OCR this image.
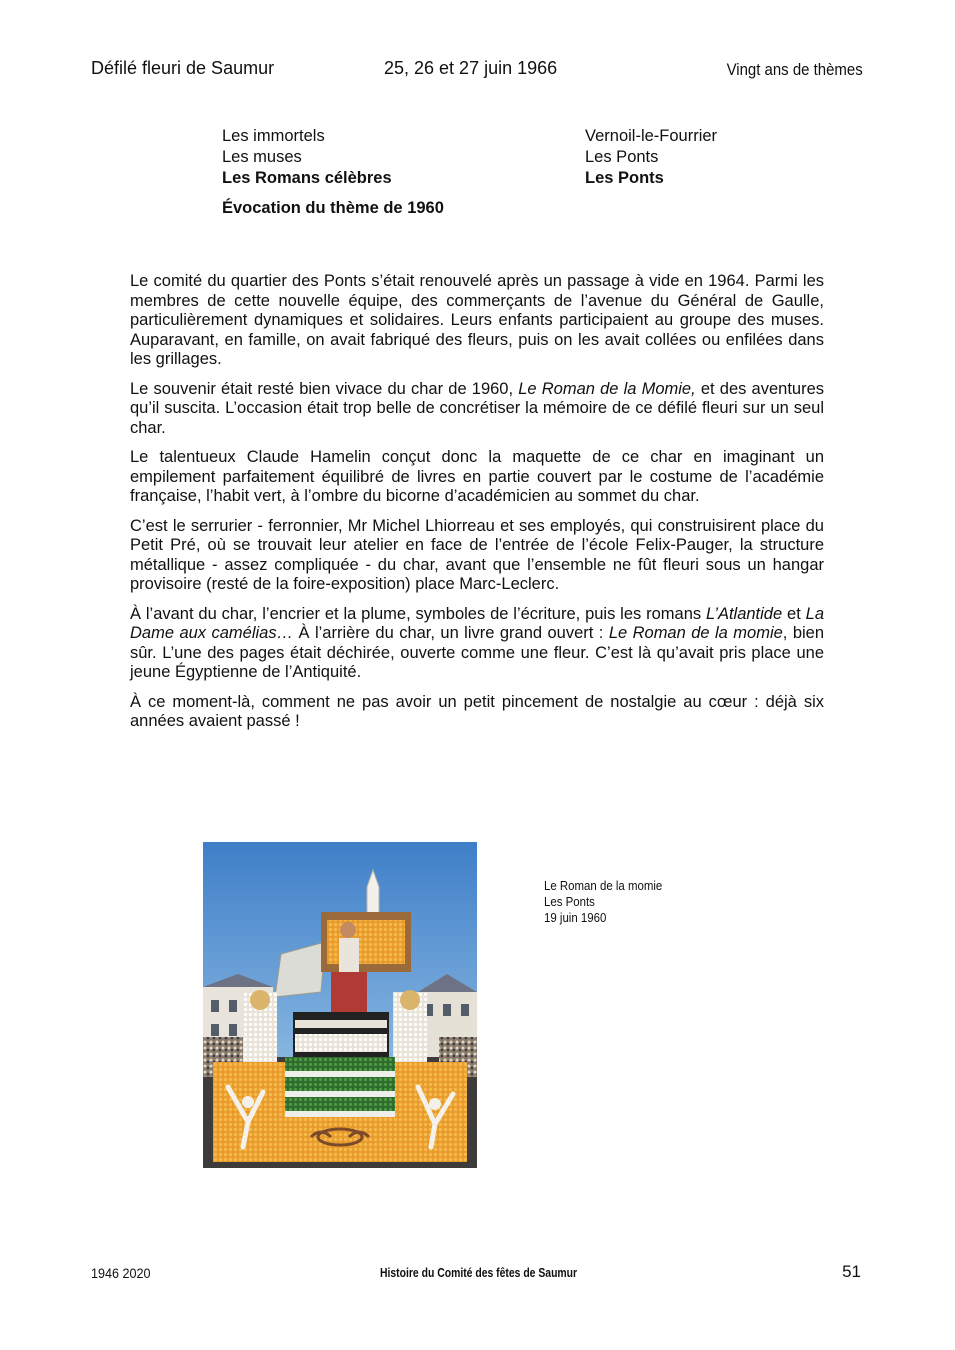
Défilé fleuri de Saumur	25, 26 et 27 juin 1966	Vingt ans de thèmes
Les immortels	Vernoil-le-Fourrier
Les muses	Les Ponts
Les Romans célèbres	Les Ponts
Évocation du thème de 1960

Le comité du quartier des Ponts s’était renouvelé après un passage à vide en 1964. Parmi les membres de cette nouvelle équipe, des commerçants de l’avenue du Général de Gaulle, particulièrement dynamiques et solidaires. Leurs enfants participaient au groupe des muses. Auparavant, en famille, on avait fabriqué des fleurs, puis on les avait collées ou enfilées dans les grillages.

Le souvenir était resté bien vivace du char de 1960, Le Roman de la Momie, et des aventures qu’il suscita. L’occasion était trop belle de concrétiser la mémoire de ce défilé fleuri sur un seul char.

Le talentueux Claude Hamelin conçut donc la maquette de ce char en imaginant un empilement parfaitement équilibré de livres en partie couvert par le costume de l’académie française, l’habit vert, à l’ombre du bicorne d’académicien au sommet du char.

C’est le serrurier - ferronnier, Mr Michel Lhiorreau et ses employés, qui construisirent place du Petit Pré, où se trouvait leur atelier en face de l’entrée de l’école Felix-Pauger, la structure métallique - assez compliquée - du char, avant que l’ensemble ne fût fleuri sous un hangar provisoire (resté de la foire-exposition) place Marc-Leclerc.

À l’avant du char, l’encrier et la plume, symboles de l’écriture, puis les romans L’Atlantide et La Dame aux camélias… À l’arrière du char, un livre grand ouvert : Le Roman de la momie, bien sûr. L’une des pages était déchirée, ouverte comme une fleur. C’est là qu’avait pris place une jeune Égyptienne de l’Antiquité.

À ce moment-là, comment ne pas avoir un petit pincement de nostalgie au cœur : déjà six années avaient passé !

Le Roman de la momie
Les Ponts
19 juin 1960
1946 2020	Histoire du Comité des fêtes de Saumur	51
